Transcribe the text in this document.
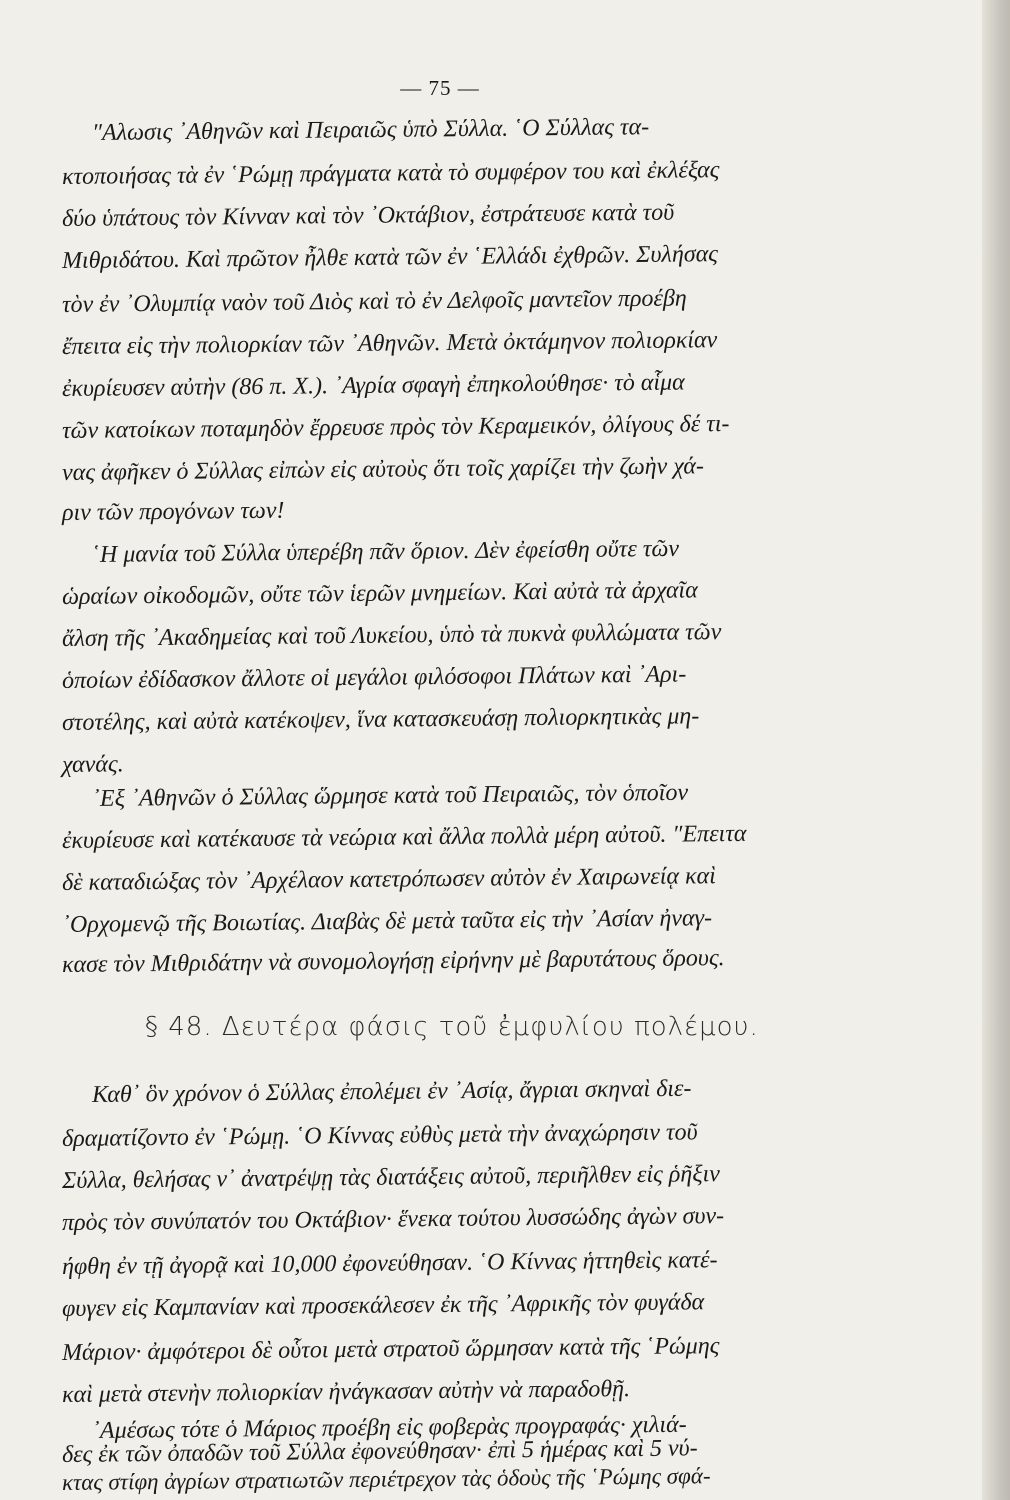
— 75 —
″Αλωσις ᾿Αθηνῶν καὶ Πειραιῶς ὑπὸ Σύλλα. ῾Ο Σύλλας τα-
κτοποιήσας τὰ ἐν ῾Ρώμῃ πράγματα κατὰ τὸ συμφέρον του καὶ ἐκλέξας
δύο ὑπάτους τὸν Κίνναν καὶ τὸν ᾿Οκτάβιον, ἐστράτευσε κατὰ τοῦ
Μιθριδάτου. Καὶ πρῶτον ἦλθε κατὰ τῶν ἐν ῾Ελλάδι ἐχθρῶν. Συλήσας
τὸν ἐν ᾿Ολυμπίᾳ ναὸν τοῦ Διὸς καὶ τὸ ἐν Δελφοῖς μαντεῖον προέβη
ἔπειτα εἰς τὴν πολιορκίαν τῶν ᾿Αθηνῶν. Μετὰ ὀκτάμηνον πολιορκίαν
ἐκυρίευσεν αὐτὴν (86 π. Χ.). ᾿Αγρία σφαγὴ ἐπηκολούθησε· τὸ αἷμα
τῶν κατοίκων ποταμηδὸν ἔρρευσε πρὸς τὸν Κεραμεικόν, ὀλίγους δέ τι-
νας ἀφῆκεν ὁ Σύλλας εἰπὼν εἰς αὐτοὺς ὅτι τοῖς χαρίζει τὴν ζωὴν χά-
ριν τῶν προγόνων των!
῾Η μανία τοῦ Σύλλα ὑπερέβη πᾶν ὅριον. Δὲν ἐφείσθη οὔτε τῶν
ὡραίων οἰκοδομῶν, οὔτε τῶν ἱερῶν μνημείων. Καὶ αὐτὰ τὰ ἀρχαῖα
ἄλση τῆς ᾿Ακαδημείας καὶ τοῦ Λυκείου, ὑπὸ τὰ πυκνὰ φυλλώματα τῶν
ὁποίων ἐδίδασκον ἄλλοτε οἱ μεγάλοι φιλόσοφοι Πλάτων καὶ ᾿Αρι-
στοτέλης, καὶ αὐτὰ κατέκοψεν, ἵνα κατασκευάσῃ πολιορκητικὰς μη-
χανάς.
᾿Εξ ᾿Αθηνῶν ὁ Σύλλας ὥρμησε κατὰ τοῦ Πειραιῶς, τὸν ὁποῖον
ἐκυρίευσε καὶ κατέκαυσε τὰ νεώρια καὶ ἄλλα πολλὰ μέρη αὐτοῦ. ″Επειτα
δὲ καταδιώξας τὸν ᾿Αρχέλαον κατετρόπωσεν αὐτὸν ἐν Χαιρωνείᾳ καὶ
᾿Ορχομενῷ τῆς Βοιωτίας. Διαβὰς δὲ μετὰ ταῦτα εἰς τὴν ᾿Ασίαν ἠναγ-
κασε τὸν Μιθριδάτην νὰ συνομολογήσῃ εἰρήνην μὲ βαρυτάτους ὅρους.
§ 48. Δευτέρα φάσις τοῦ ἐμφυλίου πολέμου.
Καθ᾿ ὃν χρόνον ὁ Σύλλας ἐπολέμει ἐν ᾿Ασίᾳ, ἄγριαι σκηναὶ διε-
δραματίζοντο ἐν ῾Ρώμῃ. ῾Ο Κίννας εὐθὺς μετὰ τὴν ἀναχώρησιν τοῦ
Σύλλα, θελήσας ν᾿ ἀνατρέψῃ τὰς διατάξεις αὐτοῦ, περιῆλθεν εἰς ῥῆξιν
πρὸς τὸν συνύπατόν του Οκτάβιον· ἕνεκα τούτου λυσσώδης ἀγὼν συν-
ήφθη ἐν τῇ ἀγορᾷ καὶ 10,000 ἐφονεύθησαν. ῾Ο Κίννας ἡττηθεὶς κατέ-
φυγεν εἰς Καμπανίαν καὶ προσεκάλεσεν ἐκ τῆς ᾿Αφρικῆς τὸν φυγάδα
Μάριον· ἀμφότεροι δὲ οὗτοι μετὰ στρατοῦ ὥρμησαν κατὰ τῆς ῾Ρώμης
καὶ μετὰ στενὴν πολιορκίαν ἠνάγκασαν αὐτὴν νὰ παραδοθῇ.
᾿Αμέσως τότε ὁ Μάριος προέβη εἰς φοβερὰς προγραφάς· χιλιά-
δες ἐκ τῶν ὀπαδῶν τοῦ Σύλλα ἐφονεύθησαν· ἐπὶ 5 ἡμέρας καὶ 5 νύ-
κτας στίφη ἀγρίων στρατιωτῶν περιέτρεχον τὰς ὁδοὺς τῆς ῾Ρώμης σφά-
